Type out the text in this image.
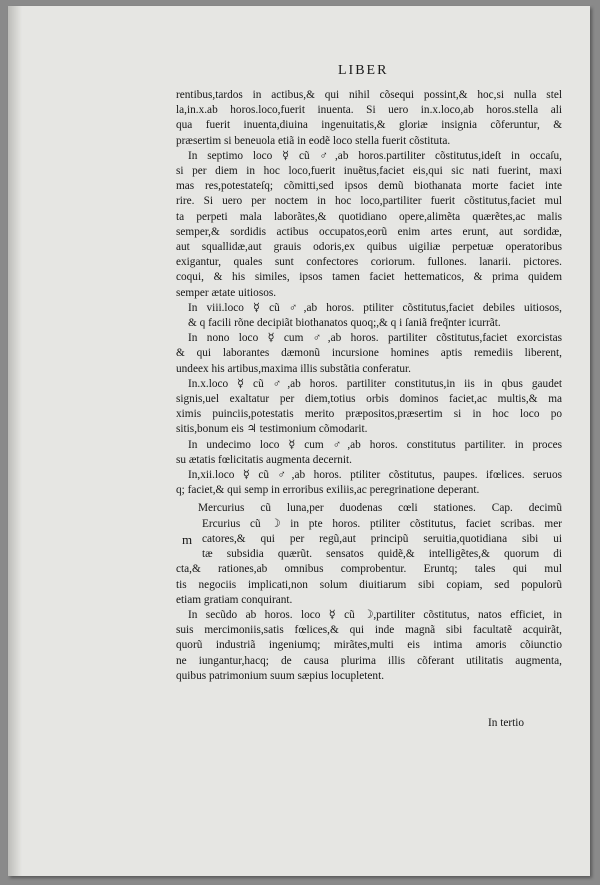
LIBER
rentibus,tardos in actibus,& qui nihil cõsequi possint,& hoc,si nulla stel
la,in.x.ab horos.loco,fuerit inuenta. Si uero in.x.loco,ab horos.stella ali
qua fuerit inuenta,diuina ingenuitatis,& gloriæ insignia cõferuntur, &
præsertim si beneuola etiã in eodẽ loco stella fuerit cõstituta.
In septimo loco ☿ cũ ♂,ab horos.partiliter cõstitutus,ideſt in occaſu,
si per diem in hoc loco,fuerit inuẽtus,faciet eis,qui sic nati fuerint, maxi
mas res,potestateſq; cõmitti,sed ipsos demũ biothanata morte faciet inte
rire. Si uero per noctem in hoc loco,partiliter fuerit cõstitutus,faciet mul
ta perpeti mala laborãtes,& quotidiano opere,alimẽta quærẽtes,ac malis
semper,& sordidis actibus occupatos,eorũ enim artes erunt, aut sordidæ,
aut squallidæ,aut grauis odoris,ex quibus uigiliæ perpetuæ operatoribus
exigantur, quales sunt confectores coriorum. fullones. lanarii. pictores.
coqui, & his similes, ipsos tamen faciet hettematicos, & prima quidem
semper ætate uitiosos.
In viii.loco ☿ cũ ♂,ab horos. ptiliter cõstitutus,faciet debiles uitiosos,
& q facili rõne decipiãt biothanatos quoq;,& q i ſaniã freq̃nter icurrãt.
In nono loco ☿ cum ♂,ab horos. partiliter cõstitutus,faciet exorcistas
& qui laborantes dæmonũ incursione homines aptis remediis liberent,
undeex his artibus,maxima illis substãtia conferatur.
In.x.loco ☿ cũ ♂,ab horos. partiliter constitutus,in iis in qbus gaudet
signis,uel exaltatur per diem,totius orbis dominos faciet,ac multis,& ma
ximis puinciis,potestatis merito præpositos,præsertim si in hoc loco po
sitis,bonum eis ♃ testimonium cõmodarit.
In undecimo loco ☿ cum ♂,ab horos. constitutus partiliter. in proces
su ætatis fœlicitatis augmenta decernit.
In,xii.loco ☿ cũ ♂,ab horos. ptiliter cõstitutus, paupes. ifœlices. seruos
q; faciet,& qui semp in erroribus exiliis,ac peregrinatione deperant.
Mercurius cũ luna,per duodenas cœli stationes. Cap. decimũ
Ercurius cũ ☽ in pte horos. ptiliter cõstitutus, faciet scribas. mer
m catores,& qui per regũ,aut principũ seruitia,quotidiana sibi ui
tæ subsidia quærũt. sensatos quidẽ,& intelligẽtes,& quorum di
cta,& rationes,ab omnibus comprobentur. Eruntq; tales qui mul
tis negociis implicati,non solum diuitiarum sibi copiam, sed populorũ
etiam gratiam conquirant.
In secũdo ab horos. loco ☿ cũ ☽,partiliter cõstitutus, natos efficiet, in
suis mercimoniis,satis fœlices,& qui inde magnã sibi facultatẽ acquirãt,
quorũ industriã ingeniumq; mirãtes,multi eis intima amoris cõiunctio
ne iungantur,hacq; de causa plurima illis cõferant utilitatis augmenta,
quibus patrimonium suum sæpius locupletent.
In tertio
